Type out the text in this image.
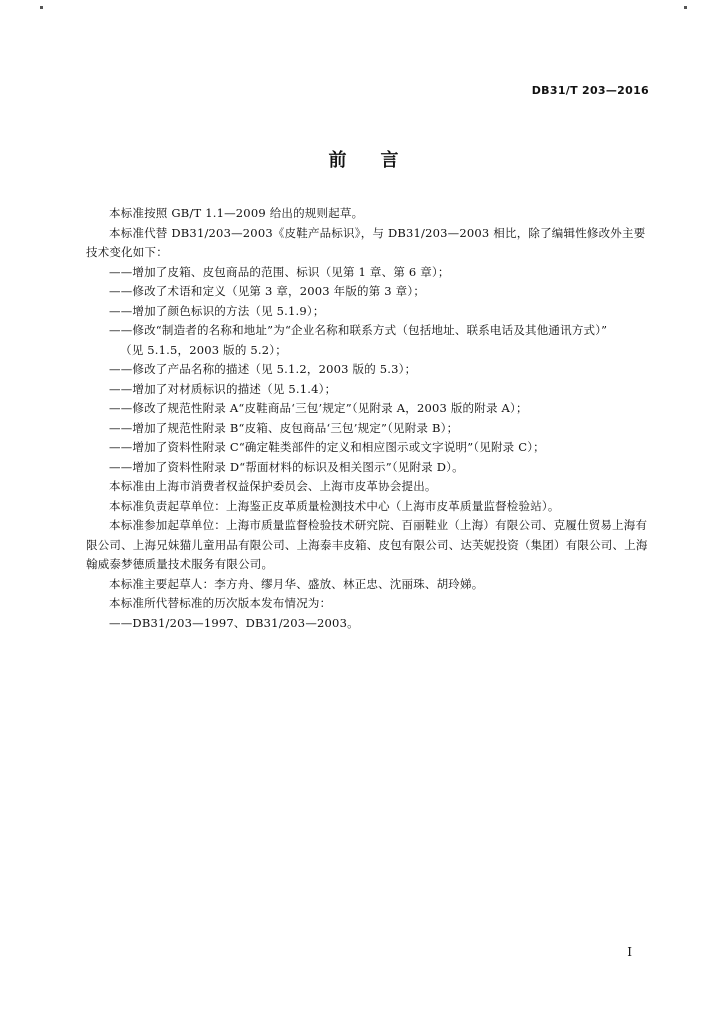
DB31/T 203—2016
前言

本标准按照 GB/T 1.1—2009 给出的规则起草。

本标准代替 DB31/203—2003《皮鞋产品标识》，与 DB31/203—2003 相比，除了编辑性修改外主要技术变化如下：

——增加了皮箱、皮包商品的范围、标识（见第 1 章、第 6 章）；

——修改了术语和定义（见第 3 章，2003 年版的第 3 章）；

——增加了颜色标识的方法（见 5.1.9）；

——修改“制造者的名称和地址”为“企业名称和联系方式（包括地址、联系电话及其他通讯方式）”

（见 5.1.5，2003 版的 5.2）；

——修改了产品名称的描述（见 5.1.2，2003 版的 5.3）；

——增加了对材质标识的描述（见 5.1.4）；

——修改了规范性附录 A“皮鞋商品‘三包’规定”（见附录 A，2003 版的附录 A）；

——增加了规范性附录 B“皮箱、皮包商品‘三包’规定”（见附录 B）；

——增加了资料性附录 C“确定鞋类部件的定义和相应图示或文字说明”（见附录 C）；

——增加了资料性附录 D“帮面材料的标识及相关图示”（见附录 D）。

本标准由上海市消费者权益保护委员会、上海市皮革协会提出。

本标准负责起草单位：上海鉴正皮革质量检测技术中心（上海市皮革质量监督检验站）。

本标准参加起草单位：上海市质量监督检验技术研究院、百丽鞋业（上海）有限公司、克履仕贸易上海有限公司、上海兄妹猫儿童用品有限公司、上海泰丰皮箱、皮包有限公司、达芙妮投资（集团）有限公司、上海翰威泰梦德质量技术服务有限公司。

本标准主要起草人：李方舟、缪月华、盛放、林正忠、沈丽珠、胡玲娣。

本标准所代替标准的历次版本发布情况为：

——DB31/203—1997、DB31/203—2003。

I
